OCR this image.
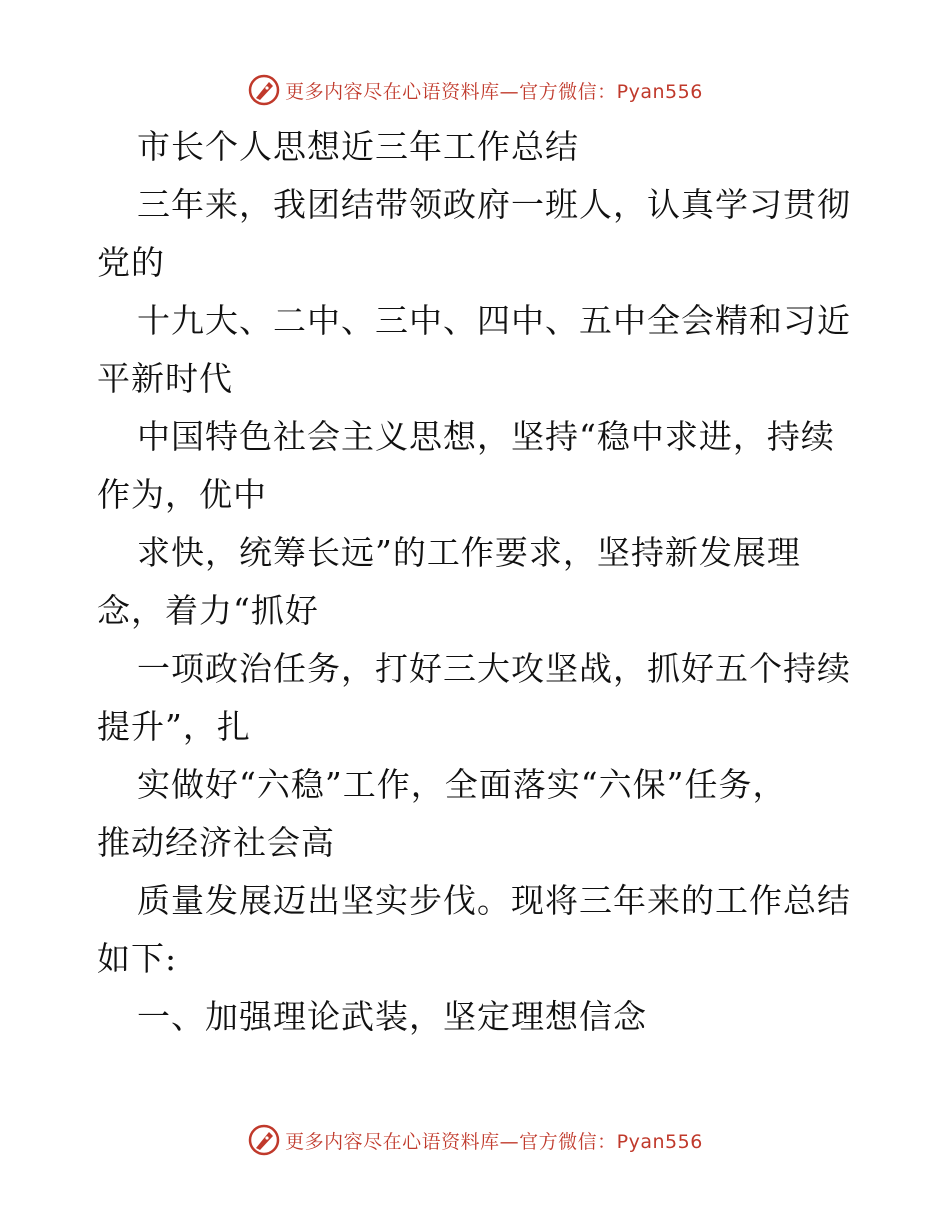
更多内容尽在心语资料库—官方微信：Pyan556
市长个人思想近三年工作总结
三年来，我团结带领政府一班人，认真学习贯彻
党的
十九大、二中、三中、四中、五中全会精和习近
平新时代
中国特色社会主义思想，坚持“稳中求进，持续
作为，优中
求快，统筹长远”的工作要求，坚持新发展理
念，着力“抓好
一项政治任务，打好三大攻坚战，抓好五个持续
提升”，扎
实做好“六稳”工作，全面落实“六保”任务，
推动经济社会高
质量发展迈出坚实步伐。现将三年来的工作总结
如下:
一、加强理论武装，坚定理想信念
更多内容尽在心语资料库—官方微信：Pyan556
